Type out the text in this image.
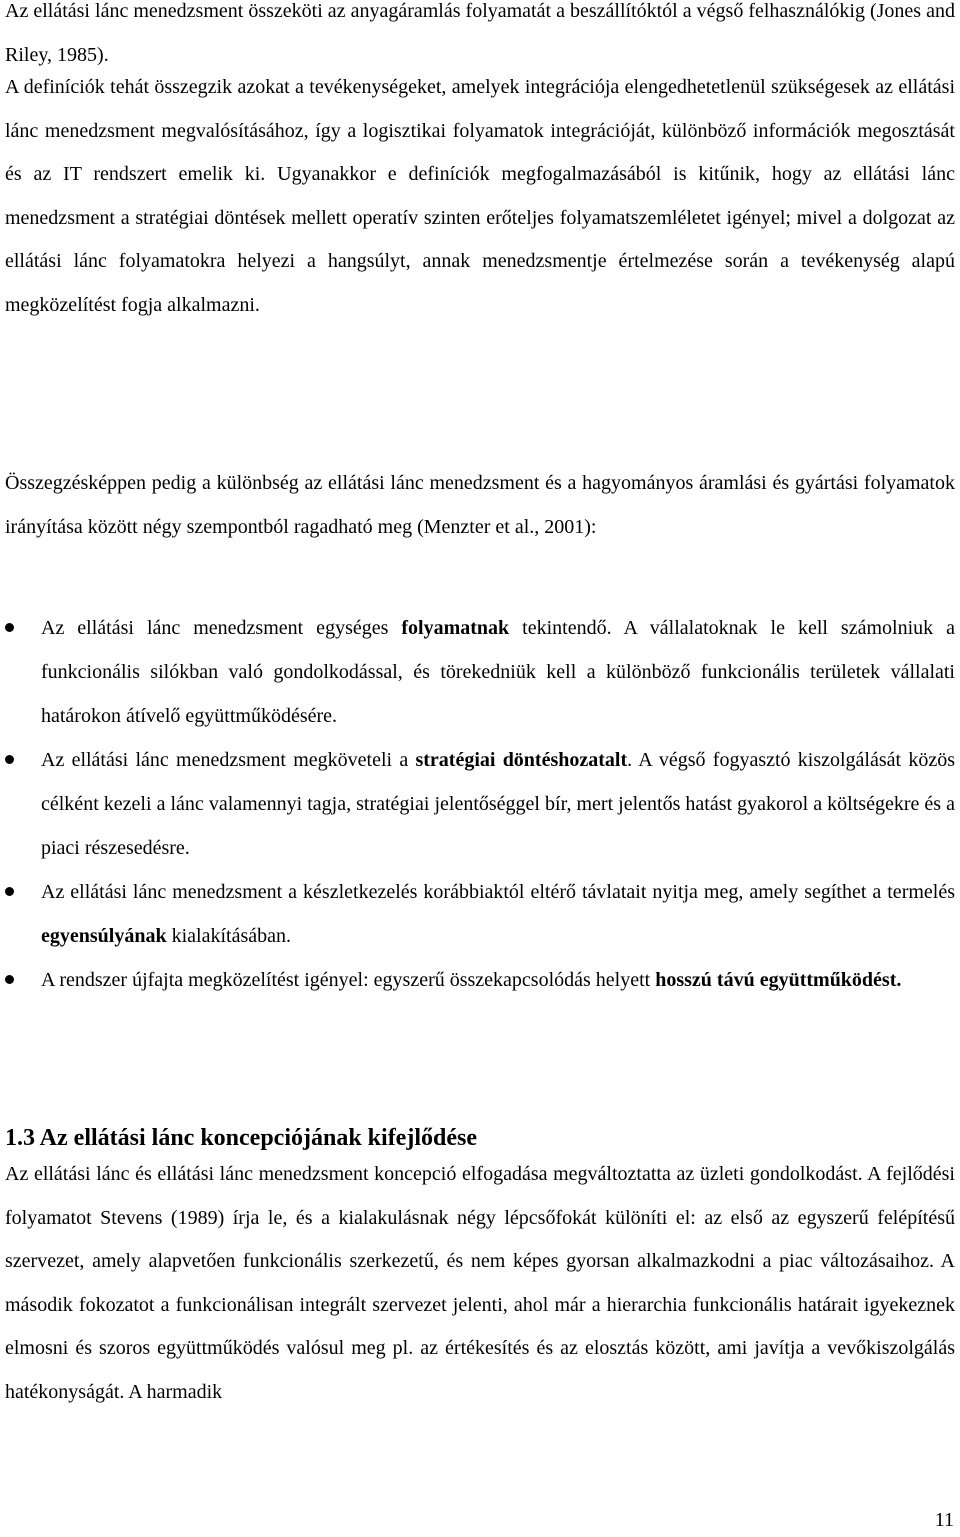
Az ellátási lánc menedzsment összeköti az anyagáramlás folyamatát a beszállítóktól a végső felhasználókig (Jones and Riley, 1985).

A definíciók tehát összegzik azokat a tevékenységeket, amelyek integrációja elengedhetetlenül szükségesek az ellátási lánc menedzsment megvalósításához, így a logisztikai folyamatok integrációját, különböző információk megosztását és az IT rendszert emelik ki. Ugyanakkor e definíciók megfogalmazásából is kitűnik, hogy az ellátási lánc menedzsment a stratégiai döntések mellett operatív szinten erőteljes folyamatszemléletet igényel; mivel a dolgozat az ellátási lánc folyamatokra helyezi a hangsúlyt, annak menedzsmentje értelmezése során a tevékenység alapú megközelítést fogja alkalmazni.

Összegzésképpen pedig a különbség az ellátási lánc menedzsment és a hagyományos áramlási és gyártási folyamatok irányítása között négy szempontból ragadható meg (Menzter et al., 2001):

Az ellátási lánc menedzsment egységes folyamatnak tekintendő. A vállalatoknak le kell számolniuk a funkcionális silókban való gondolkodással, és törekedniük kell a különböző funkcionális területek vállalati határokon átívelő együttműködésére.
Az ellátási lánc menedzsment megköveteli a stratégiai döntéshozatalt. A végső fogyasztó kiszolgálását közös célként kezeli a lánc valamennyi tagja, stratégiai jelentőséggel bír, mert jelentős hatást gyakorol a költségekre és a piaci részesedésre.
Az ellátási lánc menedzsment a készletkezelés korábbiaktól eltérő távlatait nyitja meg, amely segíthet a termelés egyensúlyának kialakításában.
A rendszer újfajta megközelítést igényel: egyszerű összekapcsolódás helyett hosszú távú együttműködést.
1.3 Az ellátási lánc koncepciójának kifejlődése

Az ellátási lánc és ellátási lánc menedzsment koncepció elfogadása megváltoztatta az üzleti gondolkodást. A fejlődési folyamatot Stevens (1989) írja le, és a kialakulásnak négy lépcsőfokát különíti el: az első az egyszerű felépítésű szervezet, amely alapvetően funkcionális szerkezetű, és nem képes gyorsan alkalmazkodni a piac változásaihoz. A második fokozatot a funkcionálisan integrált szervezet jelenti, ahol már a hierarchia funkcionális határait igyekeznek elmosni és szoros együttműködés valósul meg pl. az értékesítés és az elosztás között, ami javítja a vevőkiszolgálás hatékonyságát. A harmadik

11
